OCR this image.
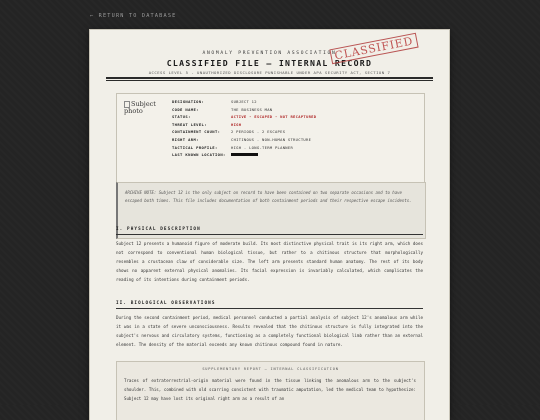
← RETURN TO DATABASE
ANOMALY PREVENTION ASSOCIATION
CLASSIFIED FILE — INTERNAL RECORD
ACCESS LEVEL 5 - UNAUTHORIZED DISCLOSURE PUNISHABLE UNDER APA SECURITY ACT, SECTION 7
CLASSIFIED
Subject photo
DESIGNATION:	SUBJECT 12
CODE NAME:	THE BUSINESS MAN
STATUS:	ACTIVE - ESCAPED - NOT RECAPTURED
THREAT LEVEL:	HIGH
CONTAINMENT COUNT:	2 PERIODS - 2 ESCAPES
RIGHT ARM:	CHITINOUS - NON-HUMAN STRUCTURE
TACTICAL PROFILE:	HIGH - LONG-TERM PLANNER
LAST KNOWN LOCATION:
ARCHIVE NOTE: Subject 12 is the only subject on record to have been contained on two separate occasions and to have escaped both times. This file includes documentation of both containment periods and their respective escape incidents.
I. PHYSICAL DESCRIPTION
Subject 12 presents a humanoid figure of moderate build. Its most distinctive physical trait is its right arm, which does not correspond to conventional human biological tissue, but rather to a chitinous structure that morphologically resembles a crustacean claw of considerable size. The left arm presents standard human anatomy. The rest of its body shows no apparent external physical anomalies. Its facial expression is invariably calculated, which complicates the reading of its intentions during containment periods.
II. BIOLOGICAL OBSERVATIONS
During the second containment period, medical personnel conducted a partial analysis of subject 12's anomalous arm while it was in a state of severe unconsciousness. Results revealed that the chitinous structure is fully integrated into the subject's nervous and circulatory systems, functioning as a completely functional biological limb rather than an external element. The density of the material exceeds any known chitinous compound found in nature.
SUPPLEMENTARY REPORT — INTERNAL CLASSIFICATION
Traces of extraterrestrial-origin material were found in the tissue linking the anomalous arm to the subject's shoulder. This, combined with old scarring consistent with traumatic amputation, led the medical team to hypothesize: Subject 12 may have lost its original right arm as a result of an
